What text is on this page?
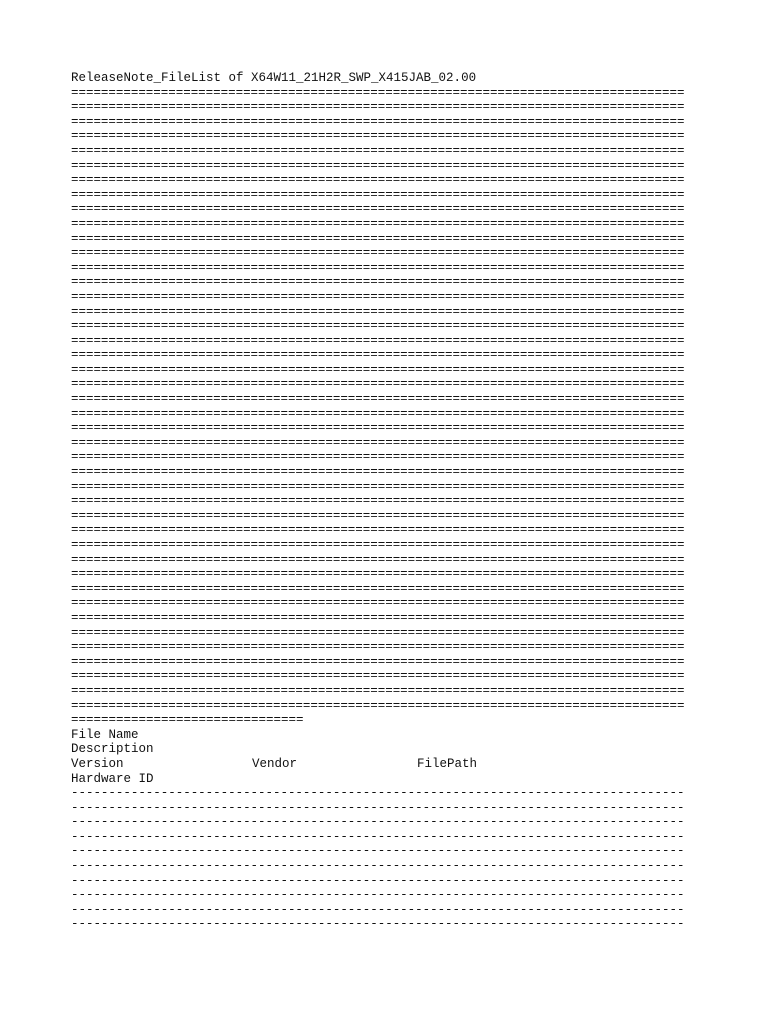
ReleaseNote_FileList of X64W11_21H2R_SWP_X415JAB_02.00
==================================================================================
==================================================================================
==================================================================================
==================================================================================
==================================================================================
==================================================================================
==================================================================================
==================================================================================
==================================================================================
==================================================================================
==================================================================================
==================================================================================
==================================================================================
==================================================================================
==================================================================================
==================================================================================
==================================================================================
==================================================================================
==================================================================================
==================================================================================
==================================================================================
==================================================================================
==================================================================================
==================================================================================
==================================================================================
==================================================================================
==================================================================================
==================================================================================
==================================================================================
==================================================================================
==================================================================================
==================================================================================
==================================================================================
==================================================================================
==================================================================================
==================================================================================
==================================================================================
==================================================================================
==================================================================================
==================================================================================
==================================================================================
==================================================================================
==================================================================================
===============================
File Name
Description
Version	Vendor	FilePath
Hardware ID
----------------------------------------------------------------------------------
----------------------------------------------------------------------------------
----------------------------------------------------------------------------------
----------------------------------------------------------------------------------
----------------------------------------------------------------------------------
----------------------------------------------------------------------------------
----------------------------------------------------------------------------------
----------------------------------------------------------------------------------
----------------------------------------------------------------------------------
----------------------------------------------------------------------------------
